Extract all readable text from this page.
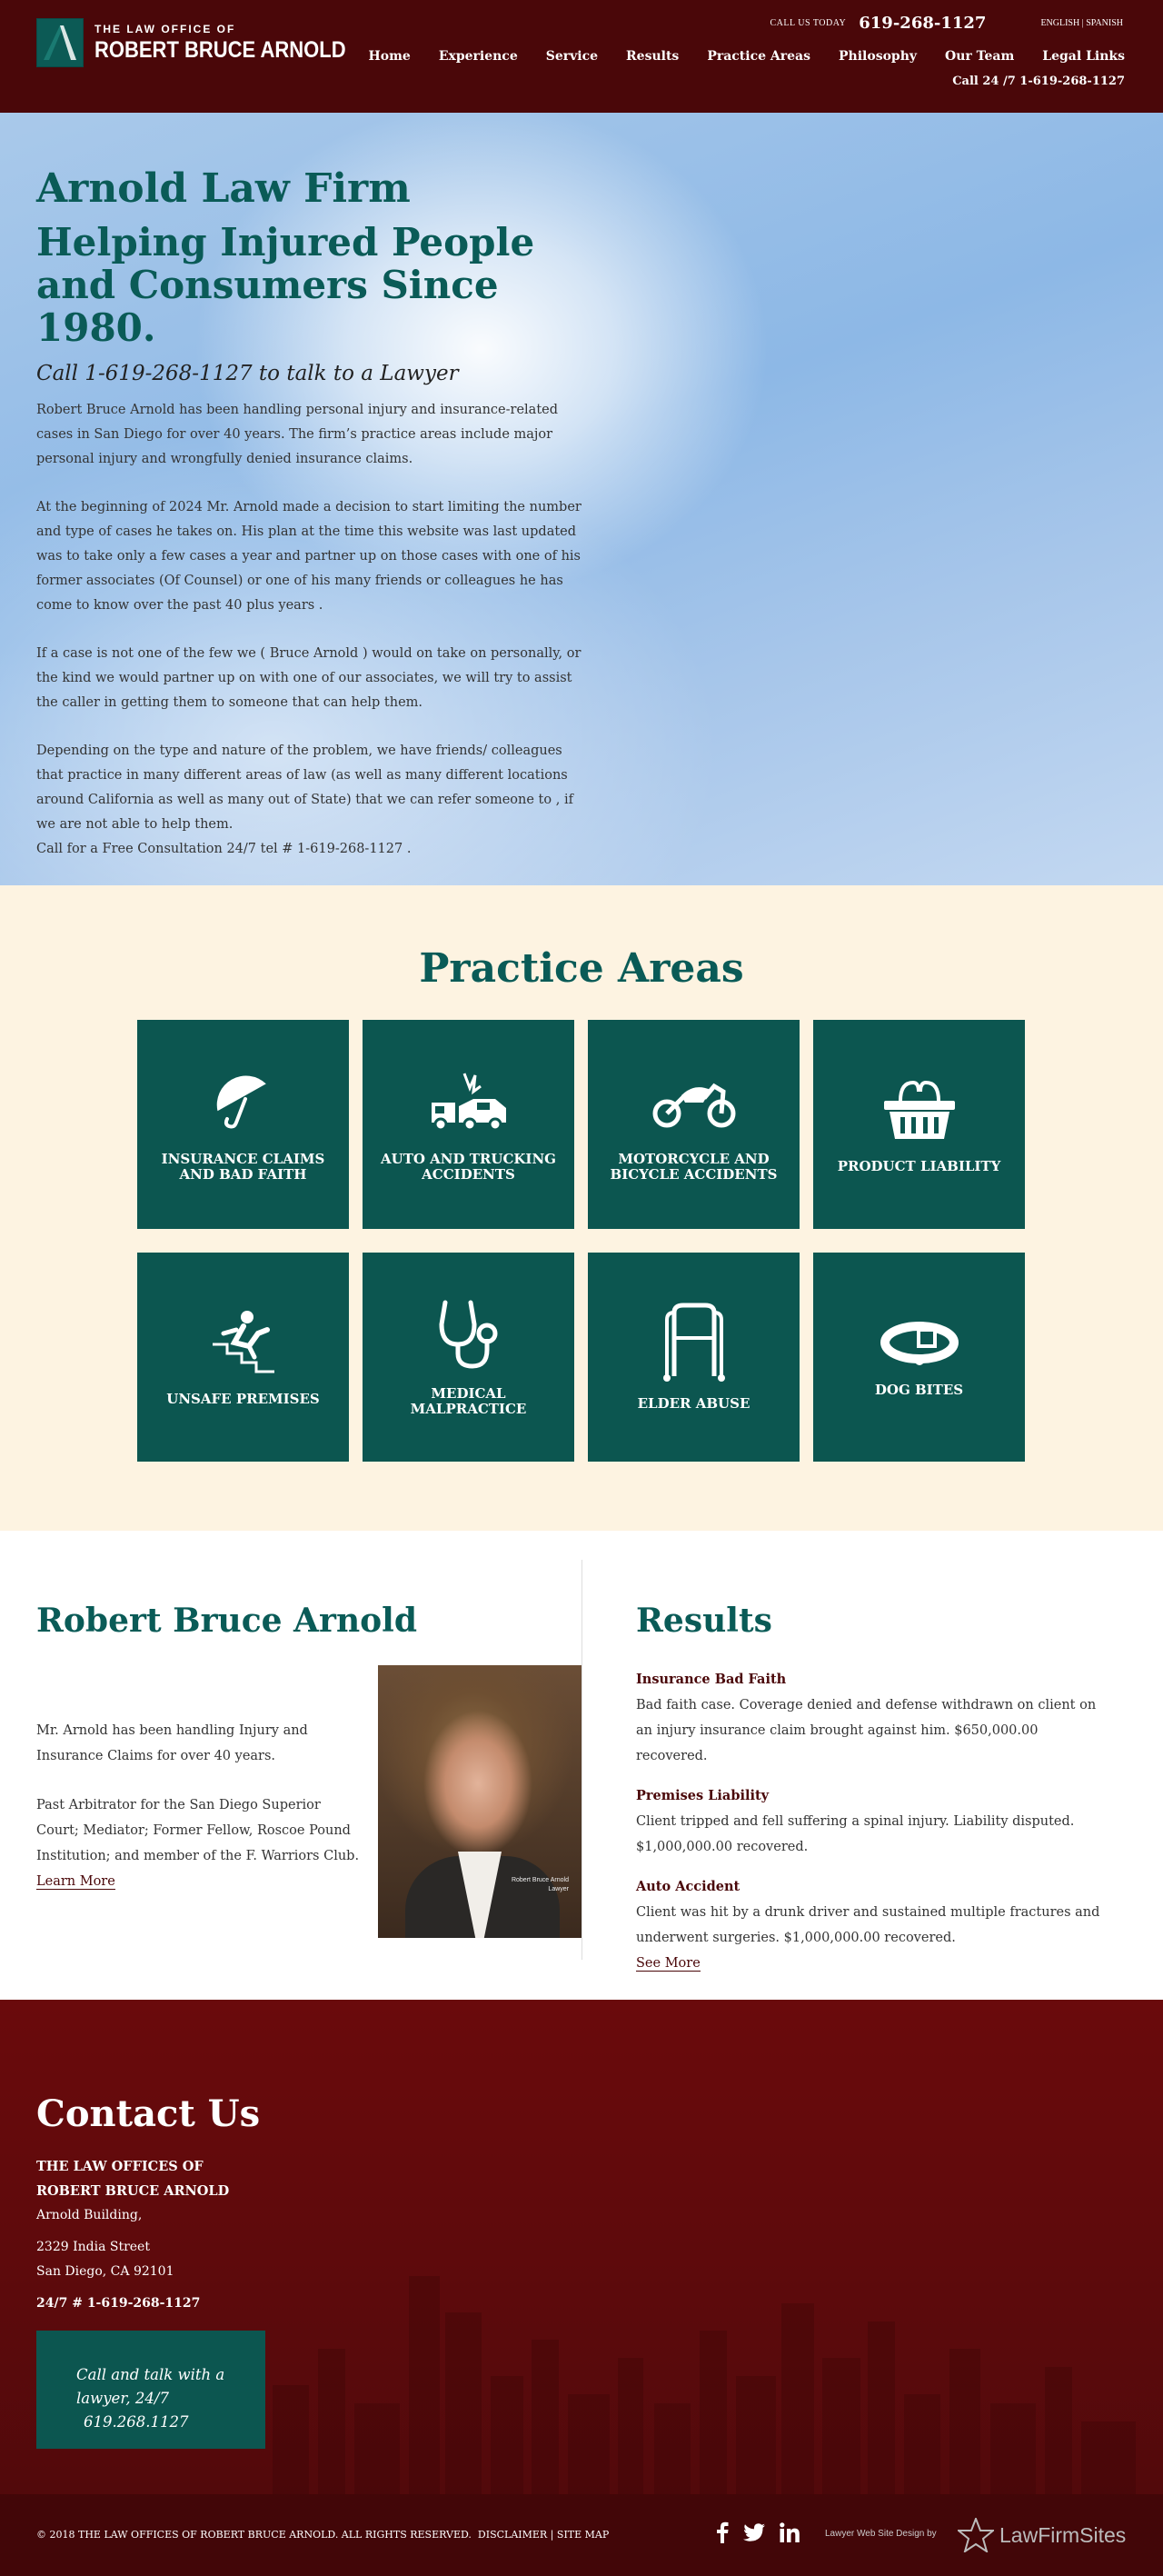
THE LAW OFFICE OF
ROBERT BRUCE ARNOLD
CALL US TODAY 619-268-1127	ENGLISH | SPANISH
Home Experience Service Results Practice Areas Philosophy Our Team Legal Links
Call 24 /7 1-619-268-1127
Arnold Law Firm
Helping Injured People and Consumers Since 1980.
Call 1-619-268-1127 to talk to a Lawyer

Robert Bruce Arnold has been handling personal injury and insurance-related cases in San Diego for over 40 years. The firm’s practice areas include major personal injury and wrongfully denied insurance claims.

At the beginning of 2024 Mr. Arnold made a decision to start limiting the number and type of cases he takes on. His plan at the time this website was last updated was to take only a few cases a year and partner up on those cases with one of his former associates (Of Counsel) or one of his many friends or colleagues he has come to know over the past 40 plus years .

If a case is not one of the few we ( Bruce Arnold ) would on take on personally, or the kind we would partner up on with one of our associates, we will try to assist the caller in getting them to someone that can help them.

Depending on the type and nature of the problem, we have friends/ colleagues that practice in many different areas of law (as well as many different locations around California as well as many out of State) that we can refer someone to , if we are not able to help them.
Call for a Free Consultation 24/7 tel # 1-619-268-1127 .

Practice Areas
INSURANCE CLAIMS AND BAD FAITH
AUTO AND TRUCKING ACCIDENTS
MOTORCYCLE AND BICYCLE ACCIDENTS	PRODUCT LIABILITY
UNSAFE PREMISES	MEDICAL MALPRACTICE	ELDER ABUSE
DOG BITES
Robert Bruce Arnold

Mr. Arnold has been handling Injury and Insurance Claims for over 40 years.

Past Arbitrator for the San Diego Superior Court; Mediator; Former Fellow, Roscoe Pound Institution; and member of the F. Warriors Club.
Learn More	Robert Bruce Arnold
Lawyer
Results
Insurance Bad Faith
Bad faith case. Coverage denied and defense withdrawn on client on an injury insurance claim brought against him. $650,000.00 recovered.
Premises Liability
Client tripped and fell suffering a spinal injury. Liability disputed. $1,000,000.00 recovered.
Auto Accident
Client was hit by a drunk driver and sustained multiple fractures and underwent surgeries. $1,000,000.00 recovered.
See More
Contact Us
THE LAW OFFICES OF
ROBERT BRUCE ARNOLD
Arnold Building,
2329 India Street
San Diego, CA 92101
24/7 # 1-619-268-1127
Call and talk with a
lawyer, 24/7
619.268.1127
© 2018 THE LAW OFFICES OF ROBERT BRUCE ARNOLD. ALL RIGHTS RESERVED. DISCLAIMER | SITE MAP	Lawyer Web Site Design by	LawFirmSites
